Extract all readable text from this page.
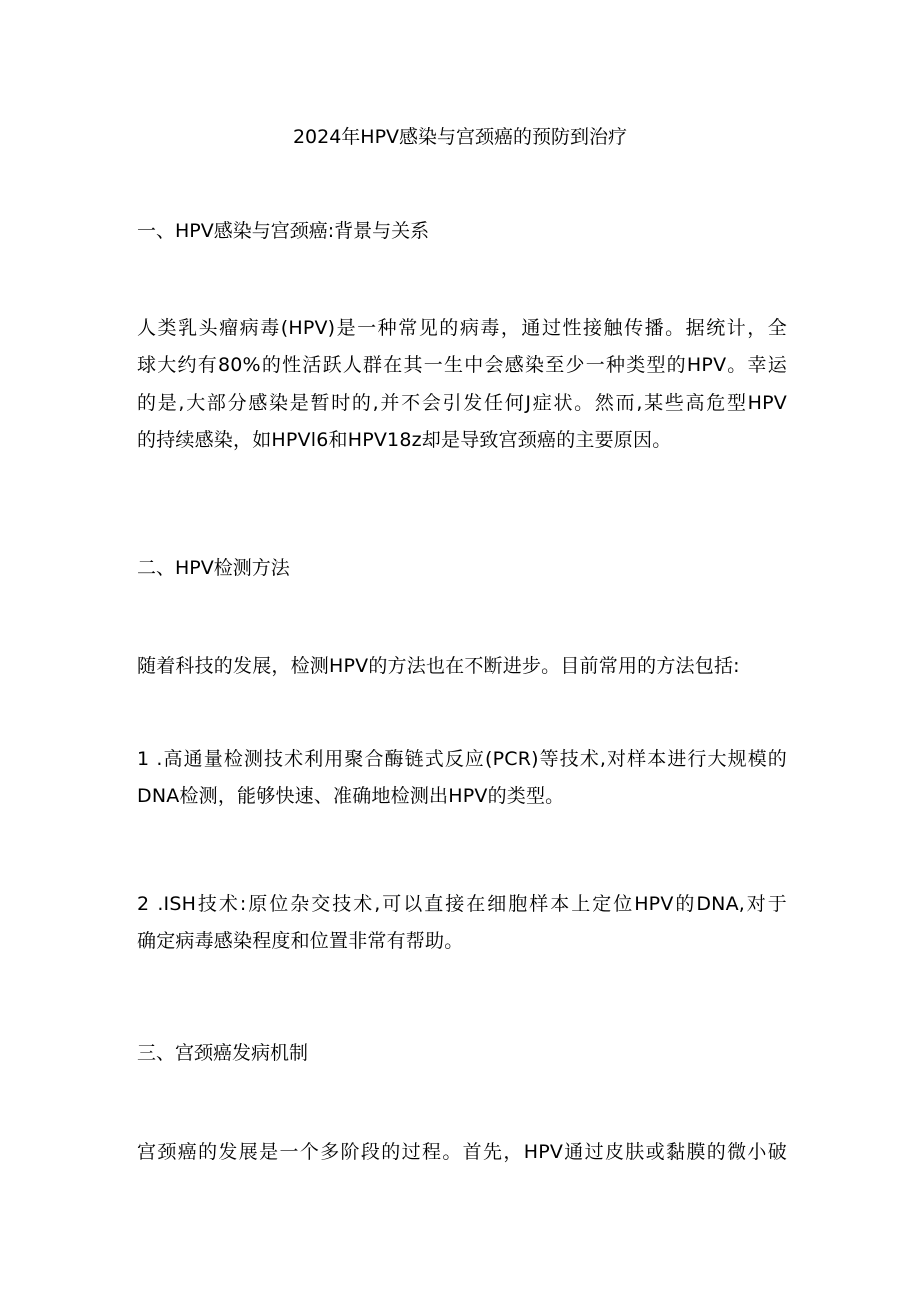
2024年HPV感染与宫颈癌的预防到治疗
一、HPV感染与宫颈癌:背景与关系
人类乳头瘤病毒(HPV)是一种常见的病毒，通过性接触传播。据统计，全
球大约有80%的性活跃人群在其一生中会感染至少一种类型的HPV。幸运
的是,大部分感染是暂时的,并不会引发任何J症状。然而,某些高危型HPV
的持续感染，如HPVl6和HPV18z却是导致宫颈癌的主要原因。
二、HPV检测方法
随着科技的发展，检测HPV的方法也在不断进步。目前常用的方法包括:
1 .高通量检测技术利用聚合酶链式反应(PCR)等技术,对样本进行大规模的
DNA检测，能够快速、准确地检测出HPV的类型。
2 .ISH技术:原位杂交技术,可以直接在细胞样本上定位HPV的DNA,对于
确定病毒感染程度和位置非常有帮助。
三、宫颈癌发病机制
宫颈癌的发展是一个多阶段的过程。首先，HPV通过皮肤或黏膜的微小破
